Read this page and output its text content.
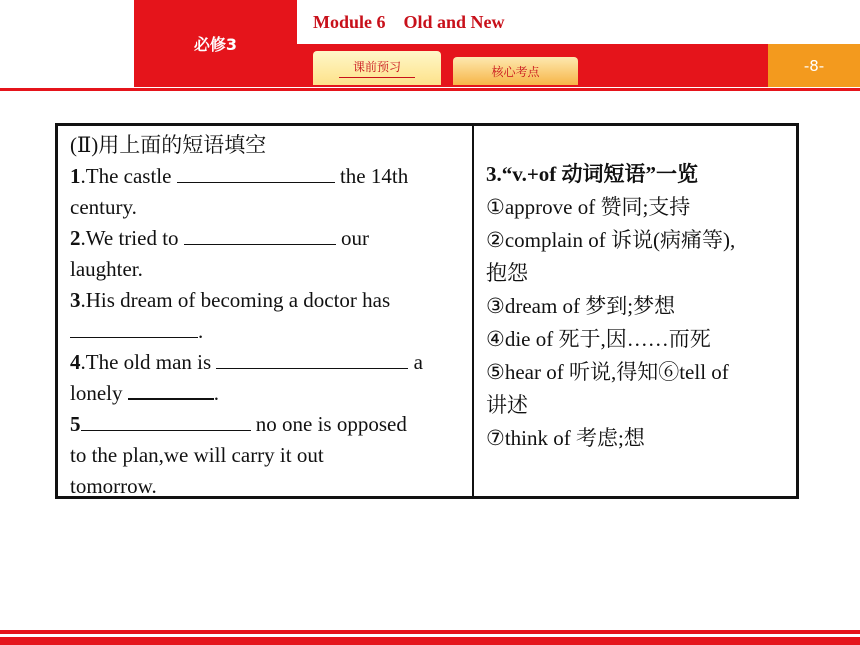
必修3
Module 6    Old and New
-8-
课前预习	核心考点
(Ⅱ)用上面的短语填空
1.The castle	the 14th
century.
2.We tried to	our
laughter.
3.His dream of becoming a doctor has
.
4.The old man is	a
lonely	.
5	no one is opposed
to the plan,we will carry it out
tomorrow.
3.“v.+of 动词短语”一览
①approve of 赞同;支持
②complain of 诉说(病痛等),
抱怨
③dream of 梦到;梦想
④die of 死于,因……而死
⑤hear of 听说,得知⑥tell of
讲述
⑦think of 考虑;想
